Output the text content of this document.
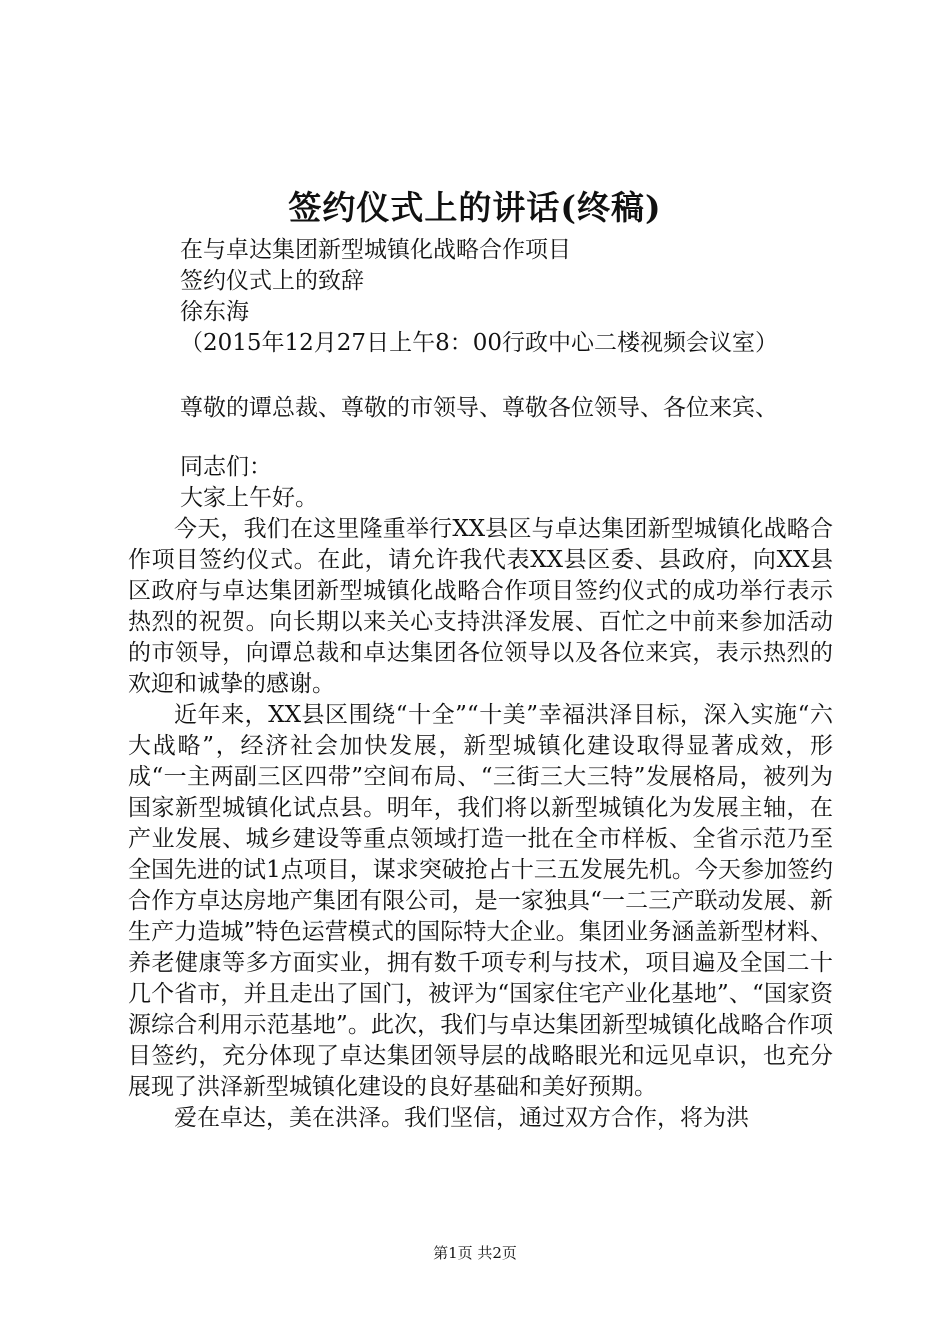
签约仪式上的讲话(终稿)
在与卓达集团新型城镇化战略合作项目
签约仪式上的致辞
徐东海
（2015年12月27日上午8：00行政中心二楼视频会议室）
尊敬的谭总裁、尊敬的市领导、尊敬各位领导、各位来宾、
同志们：
大家上午好。

今天，我们在这里隆重举行XX县区与卓达集团新型城镇化战略合作项目签约仪式。在此，请允许我代表XX县区委、县政府，向XX县区政府与卓达集团新型城镇化战略合作项目签约仪式的成功举行表示热烈的祝贺。向长期以来关心支持洪泽发展、百忙之中前来参加活动的市领导，向谭总裁和卓达集团各位领导以及各位来宾，表示热烈的欢迎和诚挚的感谢。

近年来，XX县区围绕“十全”“十美”幸福洪泽目标，深入实施“六大战略”，经济社会加快发展，新型城镇化建设取得显著成效，形成“一主两副三区四带”空间布局、“三街三大三特”发展格局，被列为国家新型城镇化试点县。明年，我们将以新型城镇化为发展主轴，在产业发展、城乡建设等重点领域打造一批在全市样板、全省示范乃至全国先进的试1点项目，谋求突破抢占十三五发展先机。今天参加签约合作方卓达房地产集团有限公司，是一家独具“一二三产联动发展、新生产力造城”特色运营模式的国际特大企业。集团业务涵盖新型材料、养老健康等多方面实业，拥有数千项专利与技术，项目遍及全国二十几个省市，并且走出了国门，被评为“国家住宅产业化基地”、“国家资源综合利用示范基地”。此次，我们与卓达集团新型城镇化战略合作项目签约，充分体现了卓达集团领导层的战略眼光和远见卓识，也充分展现了洪泽新型城镇化建设的良好基础和美好预期。

爱在卓达，美在洪泽。我们坚信，通过双方合作，将为洪

第1页 共2页
